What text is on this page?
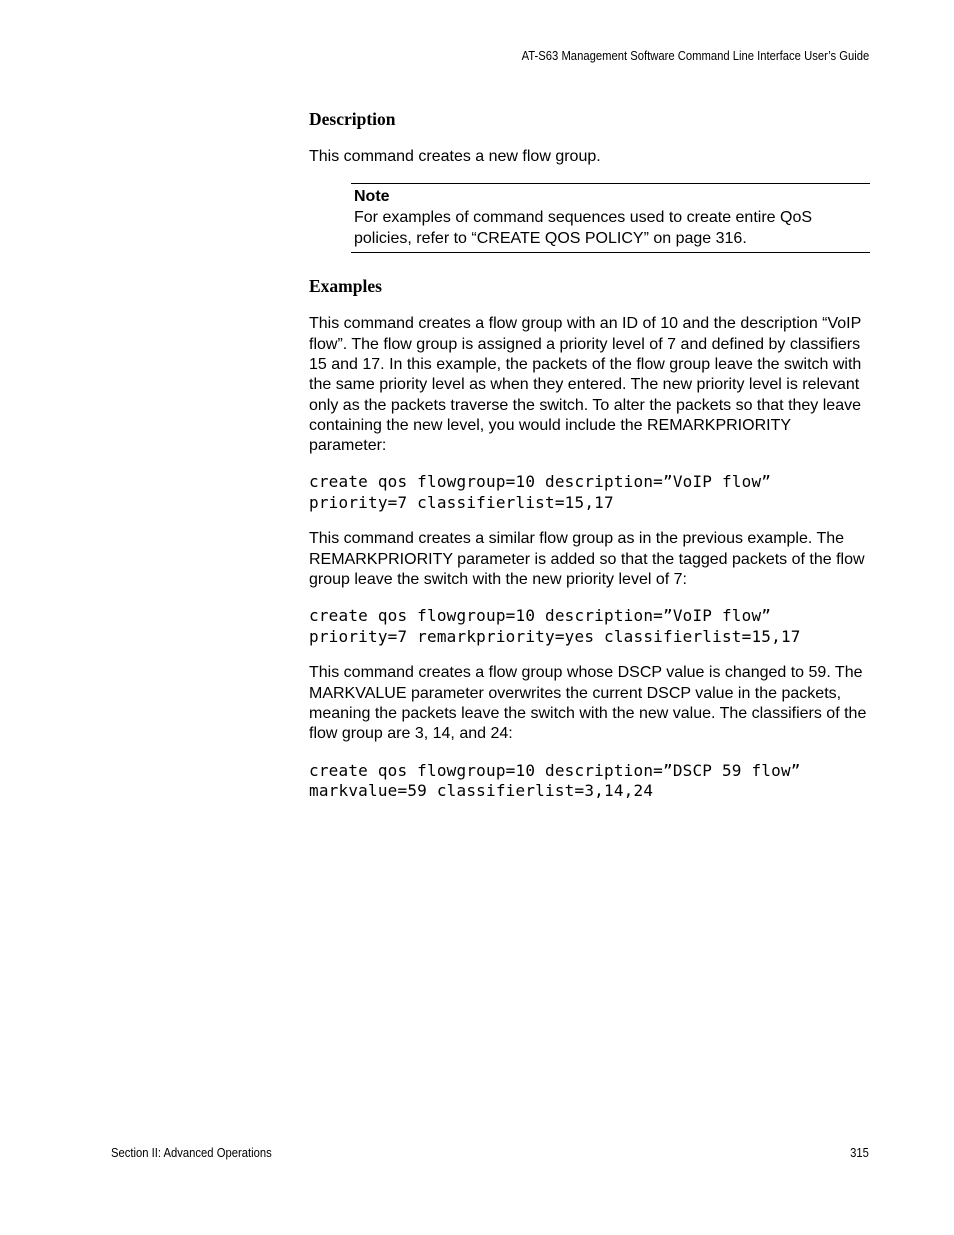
AT-S63 Management Software Command Line Interface User’s Guide
Description

This command creates a new flow group.

Note
For examples of command sequences used to create entire QoS policies, refer to “CREATE QOS POLICY” on page 316.
Examples

This command creates a flow group with an ID of 10 and the description “VoIP flow”. The flow group is assigned a priority level of 7 and defined by classifiers 15 and 17. In this example, the packets of the flow group leave the switch with the same priority level as when they entered. The new priority level is relevant only as the packets traverse the switch. To alter the packets so that they leave containing the new level, you would include the REMARKPRIORITY parameter:

create qos flowgroup=10 description=”VoIP flow”
priority=7 classifierlist=15,17

This command creates a similar flow group as in the previous example. The REMARKPRIORITY parameter is added so that the tagged packets of the flow group leave the switch with the new priority level of 7:

create qos flowgroup=10 description=”VoIP flow”
priority=7 remarkpriority=yes classifierlist=15,17

This command creates a flow group whose DSCP value is changed to 59. The MARKVALUE parameter overwrites the current DSCP value in the packets, meaning the packets leave the switch with the new value. The classifiers of the flow group are 3, 14, and 24:

create qos flowgroup=10 description=”DSCP 59 flow”
markvalue=59 classifierlist=3,14,24
Section II: Advanced Operations	315
